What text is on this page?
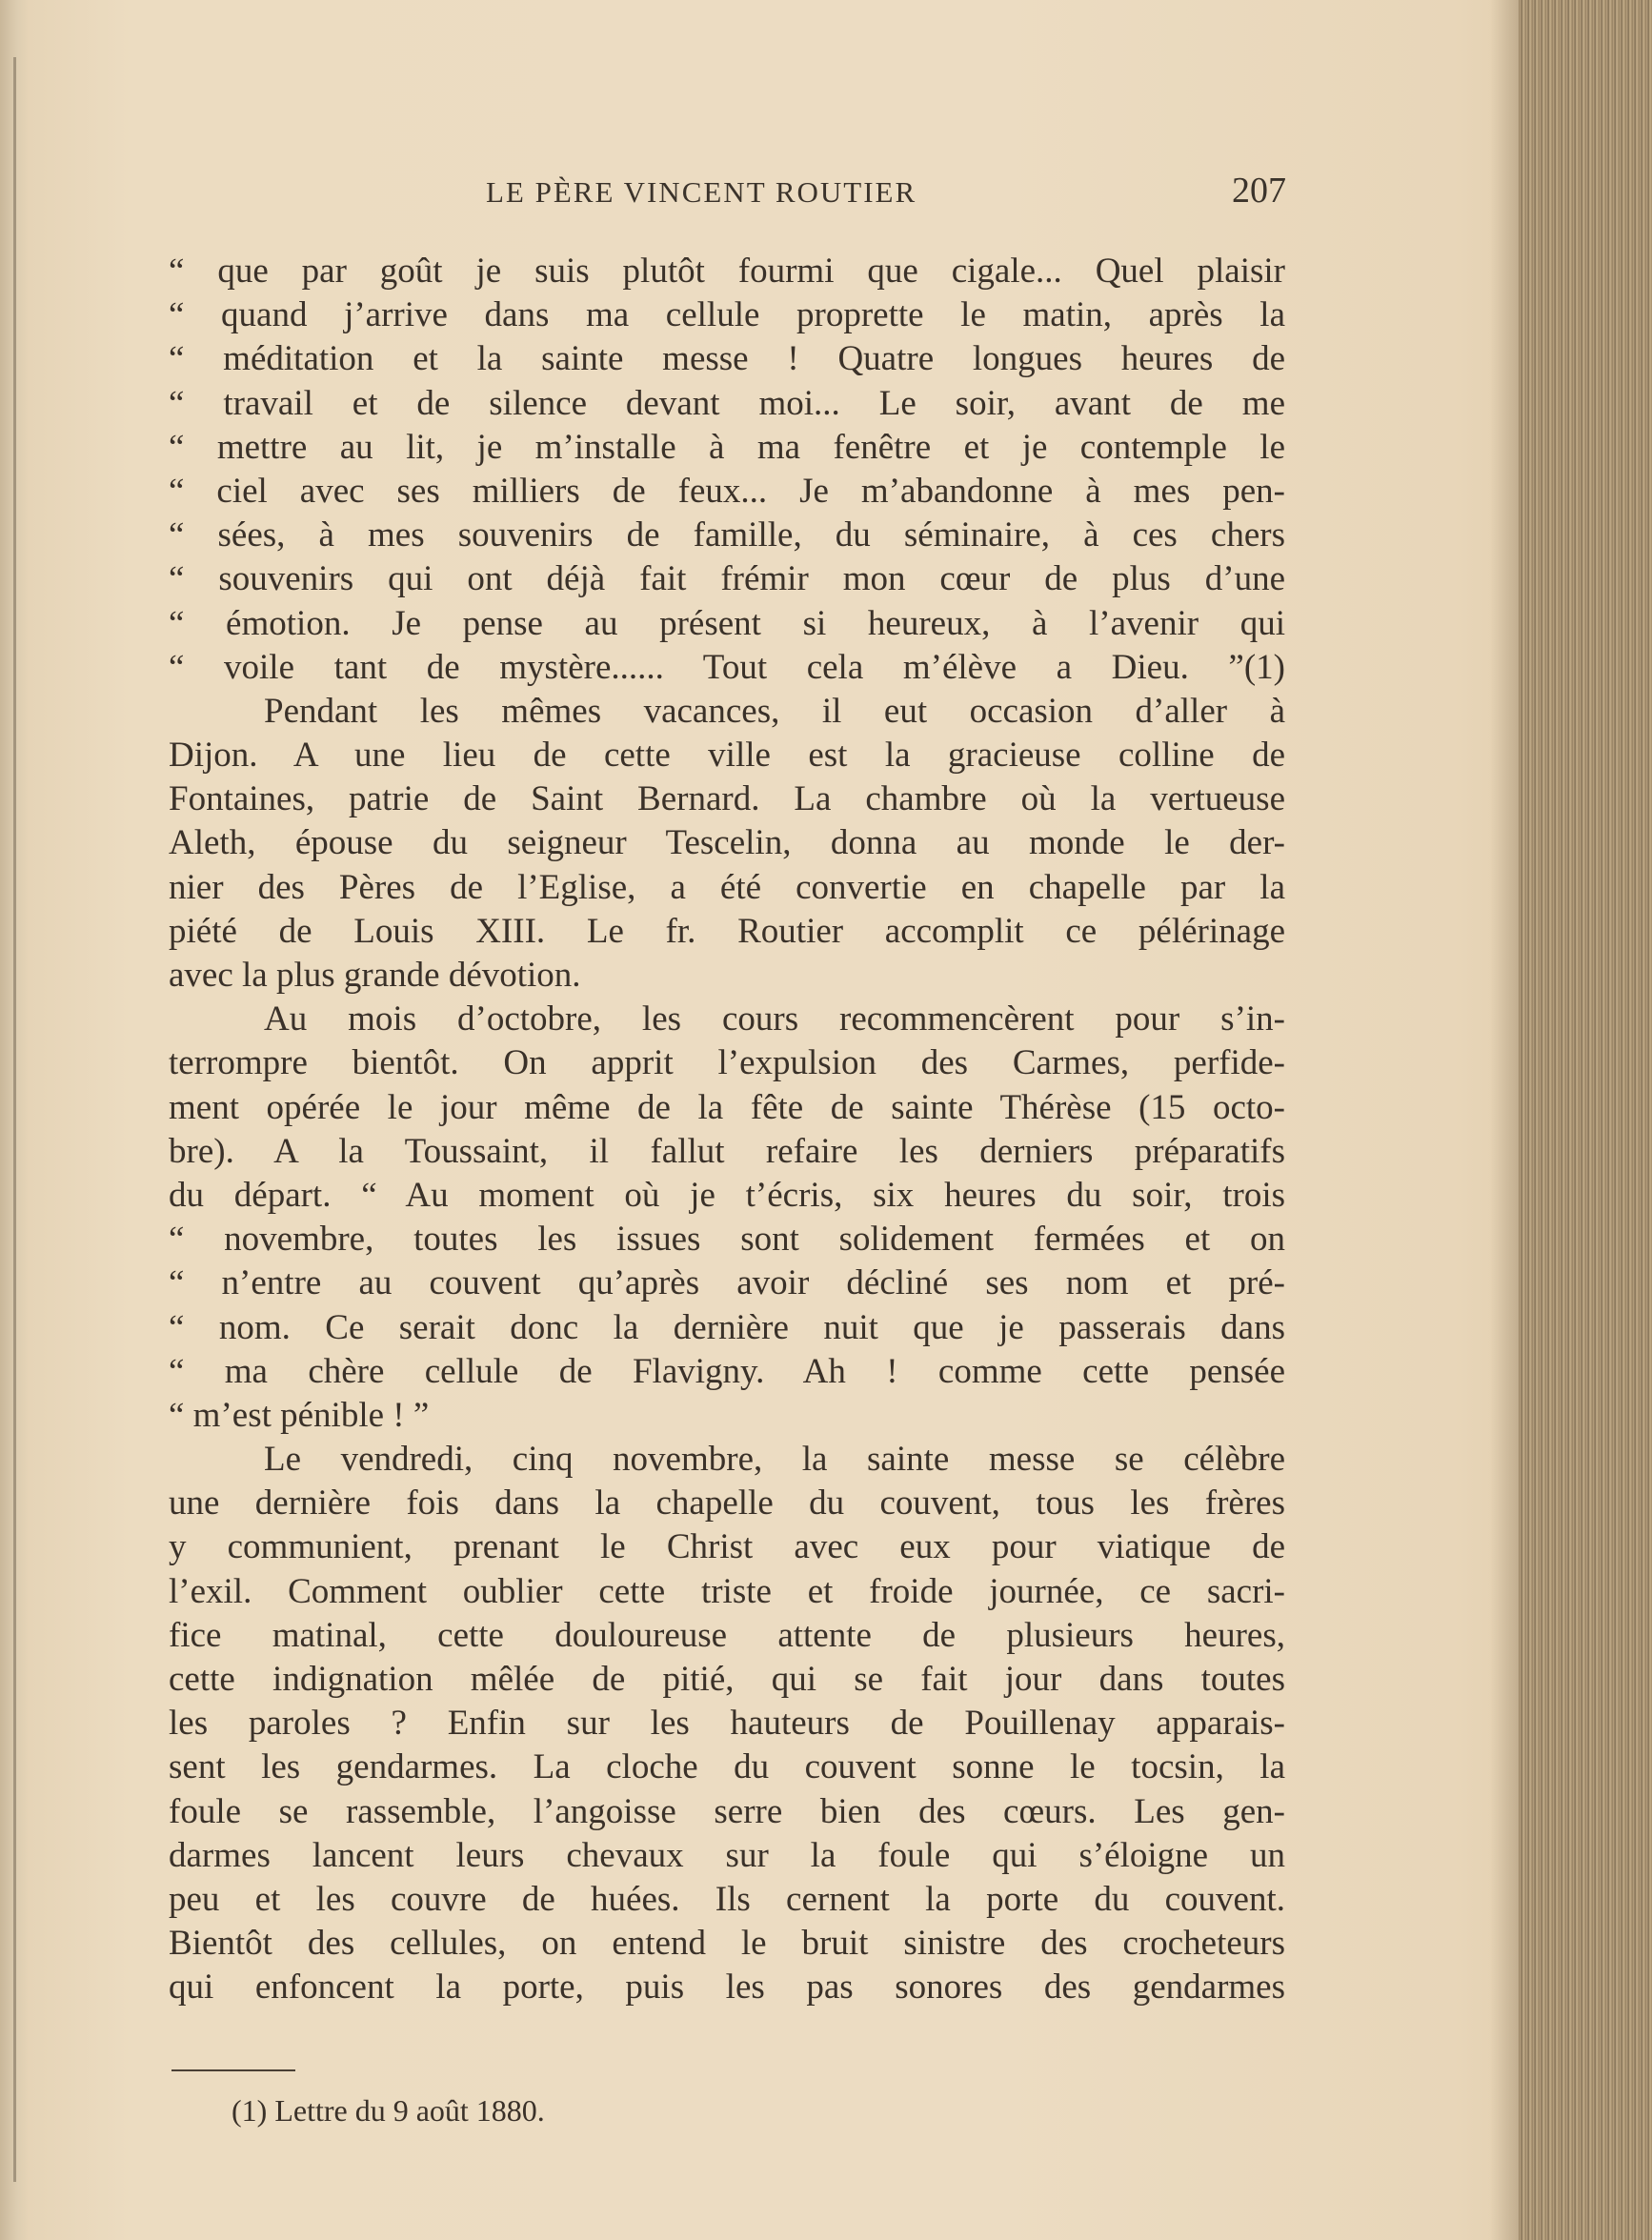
LE PÈRE VINCENT ROUTIER	207
“ que par goût je suis plutôt fourmi que cigale... Quel plaisir
“ quand j’arrive dans ma cellule proprette le matin, après la
“ méditation et la sainte messe ! Quatre longues heures de
“ travail et de silence devant moi... Le soir, avant de me
“ mettre au lit, je m’installe à ma fenêtre et je contemple le
“ ciel avec ses milliers de feux... Je m’abandonne à mes pen-
“ sées, à mes souvenirs de famille, du séminaire, à ces chers
“ souvenirs qui ont déjà fait frémir mon cœur de plus d’une
“ émotion. Je pense au présent si heureux, à l’avenir qui
“ voile tant de mystère...... Tout cela m’élève a Dieu. ”(1)
Pendant les mêmes vacances, il eut occasion d’aller à
Dijon. A une lieu de cette ville est la gracieuse colline de
Fontaines, patrie de Saint Bernard. La chambre où la vertueuse
Aleth, épouse du seigneur Tescelin, donna au monde le der-
nier des Pères de l’Eglise, a été convertie en chapelle par la
piété de Louis XIII. Le fr. Routier accomplit ce pélérinage
avec la plus grande dévotion.
Au mois d’octobre, les cours recommencèrent pour s’in-
terrompre bientôt. On apprit l’expulsion des Carmes, perfide-
ment opérée le jour même de la fête de sainte Thérèse (15 octo-
bre). A la Toussaint, il fallut refaire les derniers préparatifs
du départ. “ Au moment où je t’écris, six heures du soir, trois
“ novembre, toutes les issues sont solidement fermées et on
“ n’entre au couvent qu’après avoir décliné ses nom et pré-
“ nom. Ce serait donc la dernière nuit que je passerais dans
“ ma chère cellule de Flavigny. Ah ! comme cette pensée
“ m’est pénible ! ”
Le vendredi, cinq novembre, la sainte messe se célèbre
une dernière fois dans la chapelle du couvent, tous les frères
y communient, prenant le Christ avec eux pour viatique de
l’exil. Comment oublier cette triste et froide journée, ce sacri-
fice matinal, cette douloureuse attente de plusieurs heures,
cette indignation mêlée de pitié, qui se fait jour dans toutes
les paroles ? Enfin sur les hauteurs de Pouillenay apparais-
sent les gendarmes. La cloche du couvent sonne le tocsin, la
foule se rassemble, l’angoisse serre bien des cœurs. Les gen-
darmes lancent leurs chevaux sur la foule qui s’éloigne un
peu et les couvre de huées. Ils cernent la porte du couvent.
Bientôt des cellules, on entend le bruit sinistre des crocheteurs
qui enfoncent la porte, puis les pas sonores des gendarmes
(1) Lettre du 9 août 1880.
